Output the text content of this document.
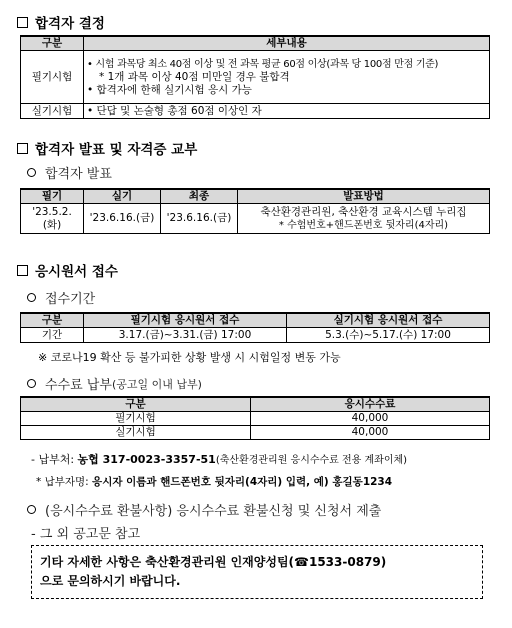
합격자 결정
구분	세부내용
필기시험	• 시험 과목당 최소 40점 이상 및 전 과목 평균 60점 이상(과목 당 100점 만점 기준)
* 1개 과목 이상 40점 미만일 경우 불합격
• 합격자에 한해 실기시험 응시 가능

실기시험	• 단답 및 논술형 총점 60점 이상인 자
합격자 발표 및 자격증 교부
합격자 발표
필기	실기	최종	발표방법
'23.5.2.(화)	'23.6.16.(금)	'23.6.16.(금)	축산환경관리원, 축산환경 교육시스템 누리집
* 수험번호+핸드폰번호 뒷자리(4자리)
응시원서 접수
접수기간
구분	필기시험 응시원서 접수	실기시험 응시원서 접수
기간	3.17.(금)~3.31.(금) 17:00	5.3.(수)~5.17.(수) 17:00
※ 코로나19 확산 등 불가피한 상황 발생 시 시험일정 변동 가능
수수료 납부 (공고일 이내 납부)
구분	응시수수료
필기시험	40,000
실기시험	40,000
- 납부처: 농협 317-0023-3357-51(축산환경관리원 응시수수료 전용 계좌이체)
* 납부자명: 응시자 이름과 핸드폰번호 뒷자리(4자리) 입력, 예) 홍길동1234
(응시수수료 환불사항) 응시수수료 환불신청 및 신청서 제출
- 그 외 공고문 참고
기타 자세한 사항은 축산환경관리원 인재양성팀(☎1533-0879)
으로 문의하시기 바랍니다.
